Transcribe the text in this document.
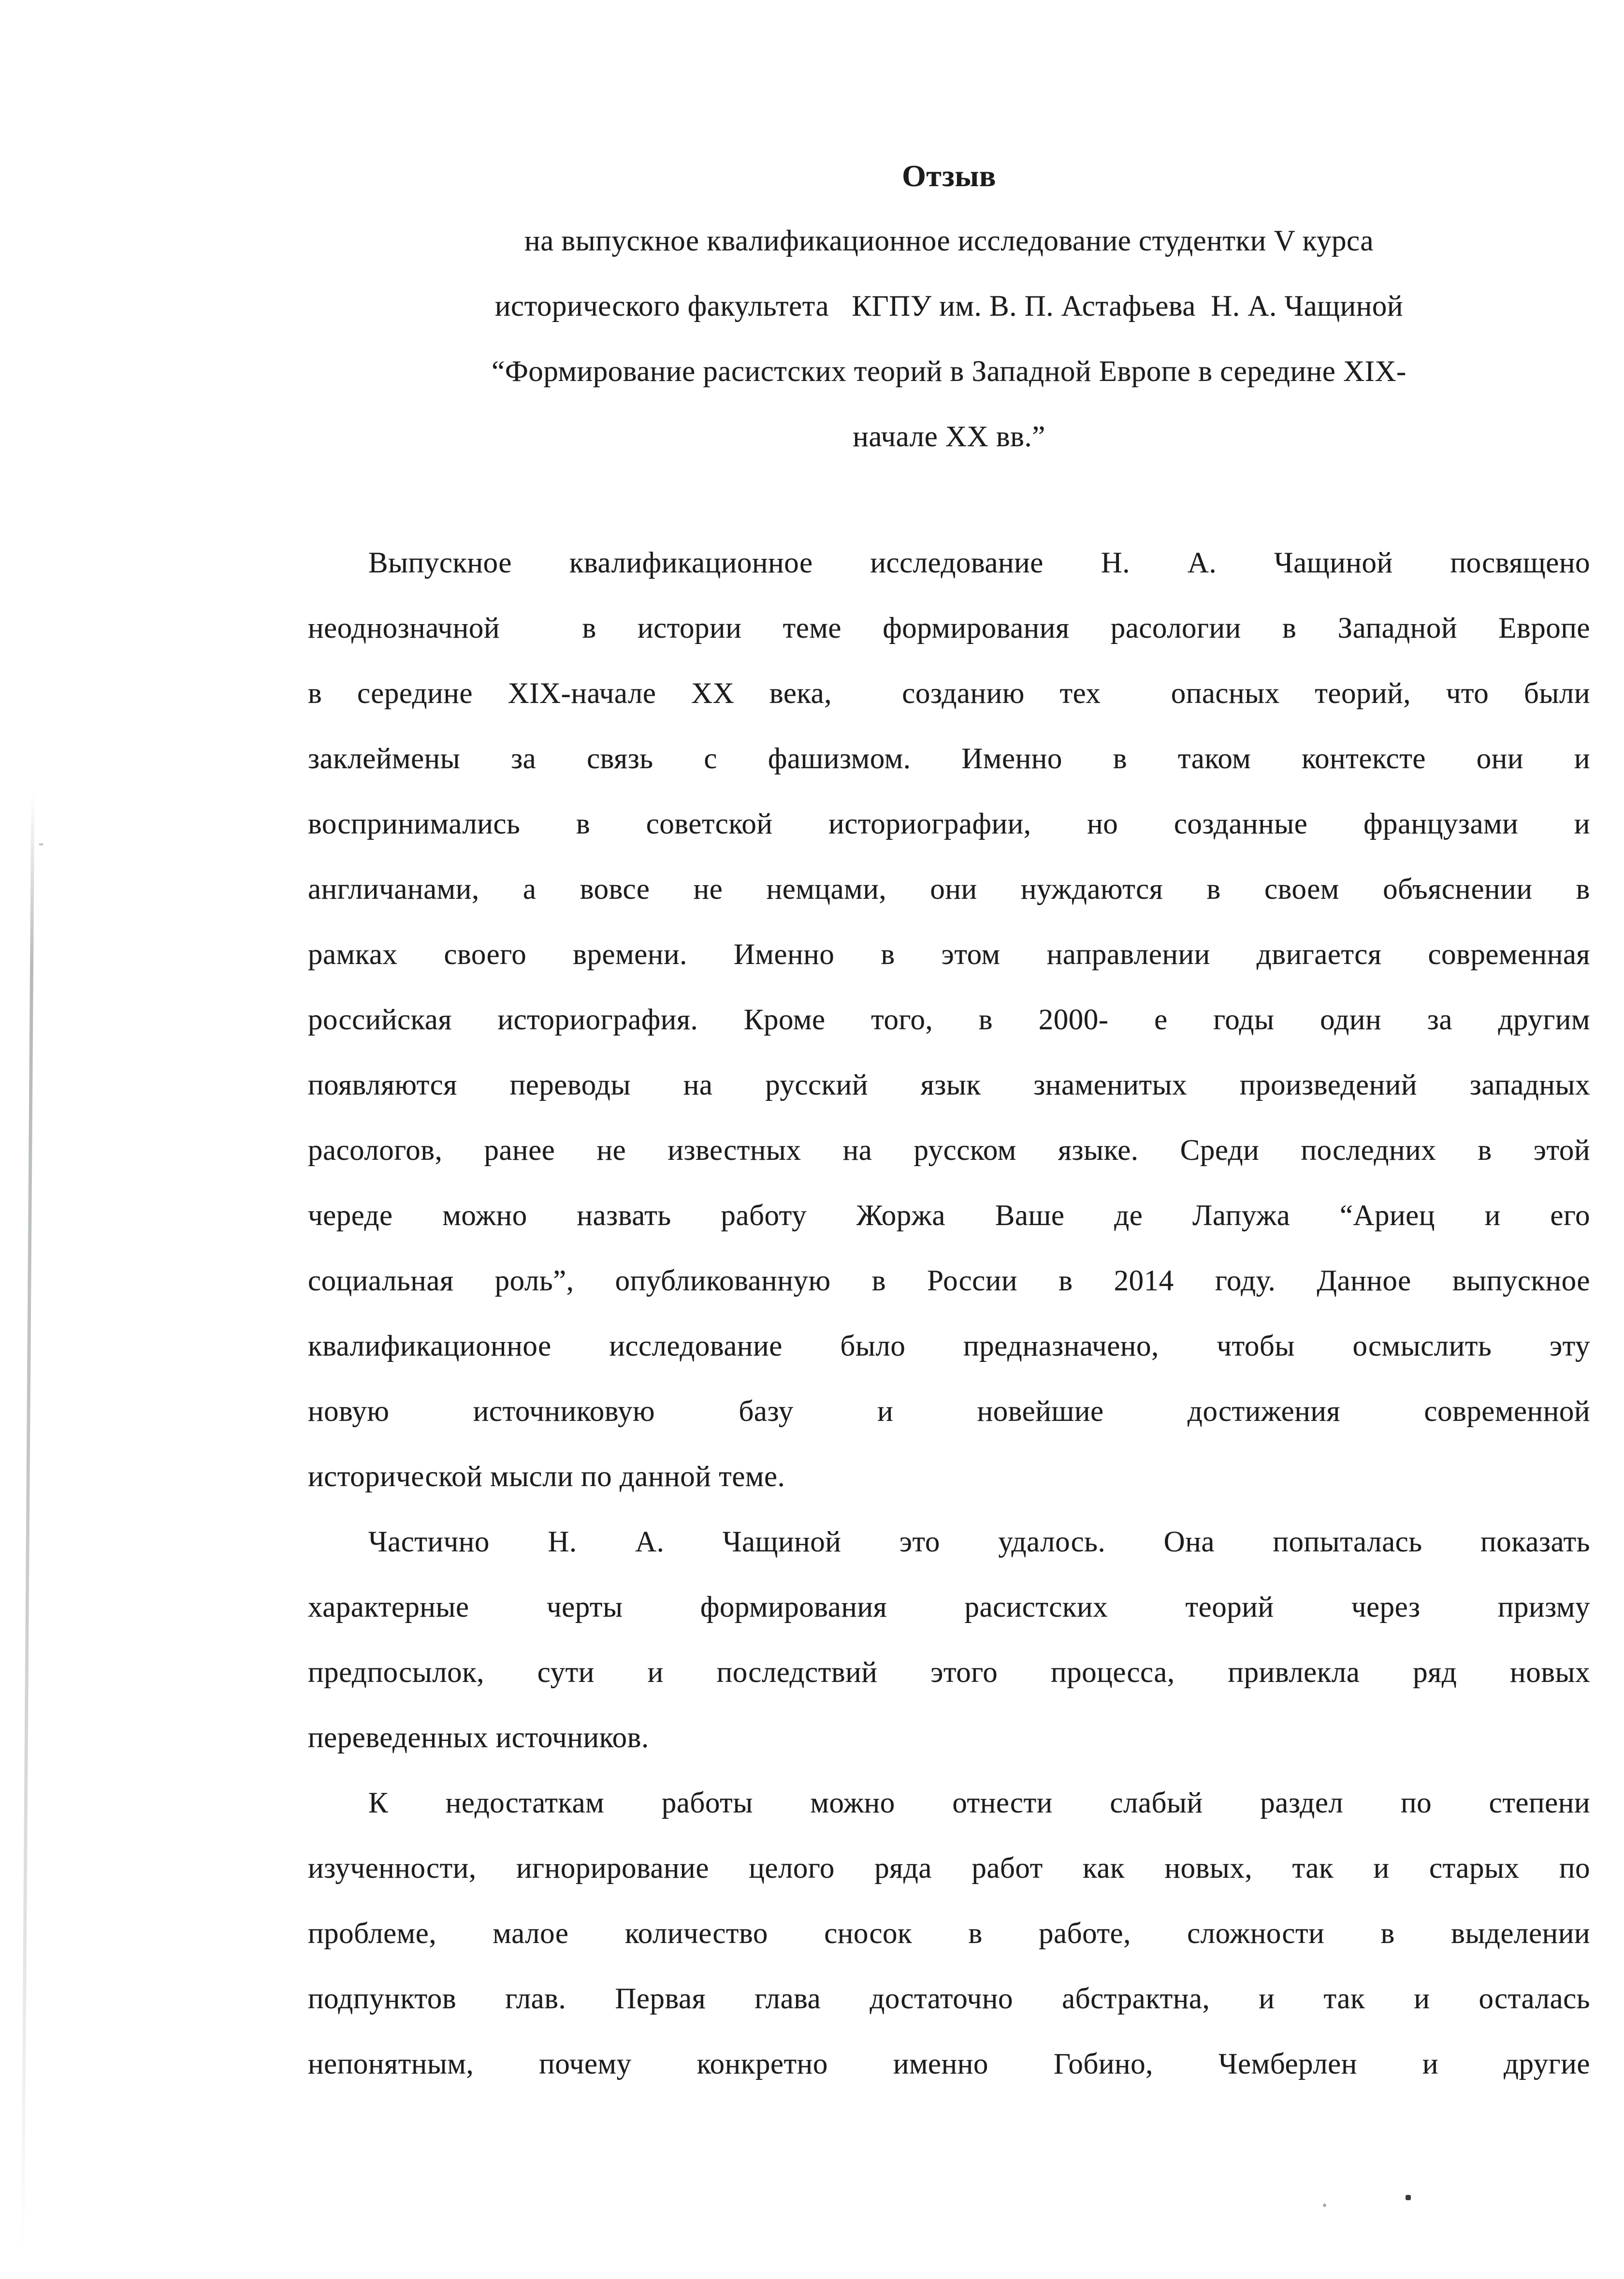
Отзыв
на выпускное квалификационное исследование студентки V курса
исторического факультета   КГПУ им. В. П. Астафьева  Н. А. Чащиной
“Формирование расистских теорий в Западной Европе в середине XIX-
начале XX вв.”
Выпускное квалификационное исследование Н. А. Чащиной посвящено
неоднозначной  в истории теме формирования расологии в Западной Европе
в середине XIX-начале XX века,  созданию тех  опасных теорий, что были
заклеймены за связь с фашизмом. Именно в таком контексте они и
воспринимались в советской историографии, но созданные французами и
англичанами, а вовсе не немцами, они нуждаются в своем объяснении в
рамках своего времени. Именно в этом направлении двигается современная
российская историография. Кроме того, в 2000- е годы один за другим
появляются переводы на русский язык знаменитых произведений западных
расологов, ранее не известных на русском языке. Среди последних в этой
череде можно назвать работу Жоржа Ваше де Лапужа “Ариец и его
социальная роль”, опубликованную в России в 2014 году. Данное выпускное
квалификационное исследование было предназначено, чтобы осмыслить эту
новую  источниковую  базу  и  новейшие  достижения  современной
исторической мысли по данной теме.
Частично Н. А. Чащиной это удалось. Она попыталась показать
характерные черты формирования расистских теорий через призму
предпосылок, сути и последствий этого процесса, привлекла ряд новых
переведенных источников.
К недостаткам работы можно отнести слабый раздел по степени
изученности, игнорирование целого ряда работ как новых, так и старых по
проблеме, малое количество сносок в работе, сложности в выделении
подпунктов глав. Первая глава достаточно абстрактна, и так и осталась
непонятным, почему конкретно именно Гобино, Чемберлен и другие
